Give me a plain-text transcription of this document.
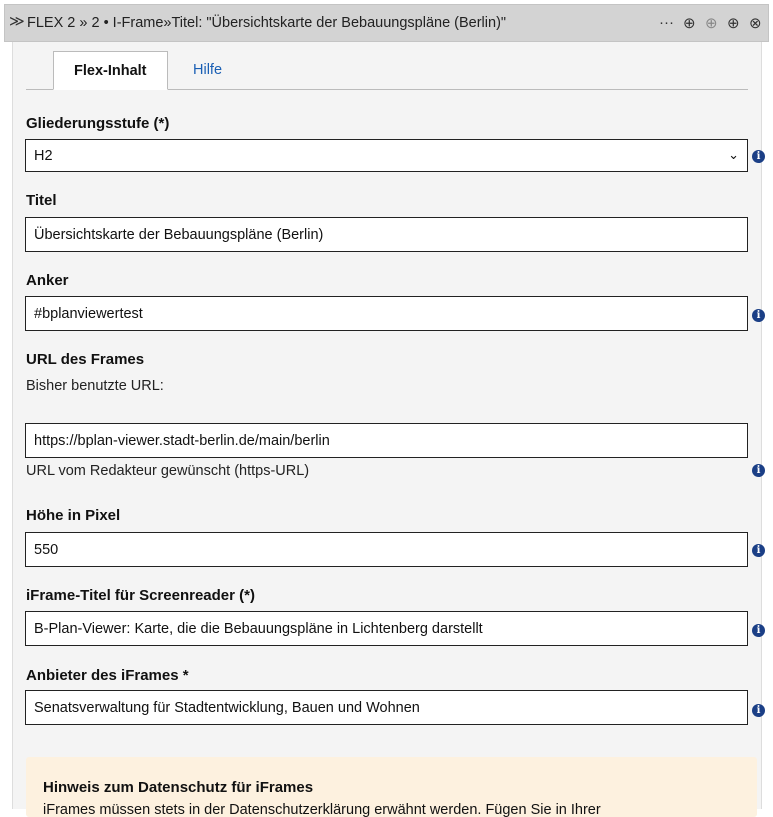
≫ FLEX 2 » 2 • I-Frame»Titel: "Übersichtskarte der Bebauungspläne (Berlin)"	··· ⊕ ⊕ ⊕ ⊗
Flex-Inhalt	Hilfe
Gliederungsstufe (*)
H2	⌄	i
Titel
Übersichtskarte der Bebauungspläne (Berlin)
Anker
#bplanviewertest	i
URL des Frames
Bisher benutzte URL:
https://bplan-viewer.stadt-berlin.de/main/berlin
URL vom Redakteur gewünscht (https-URL)	i
Höhe in Pixel
550	i
iFrame-Titel für Screenreader (*)
B-Plan-Viewer: Karte, die die Bebauungspläne in Lichtenberg darstellt	i
Anbieter des iFrames *
Senatsverwaltung für Stadtentwicklung, Bauen und Wohnen	i
Hinweis zum Datenschutz für iFrames

iFrames müssen stets in der Datenschutzerklärung erwähnt werden. Fügen Sie in Ihrer
